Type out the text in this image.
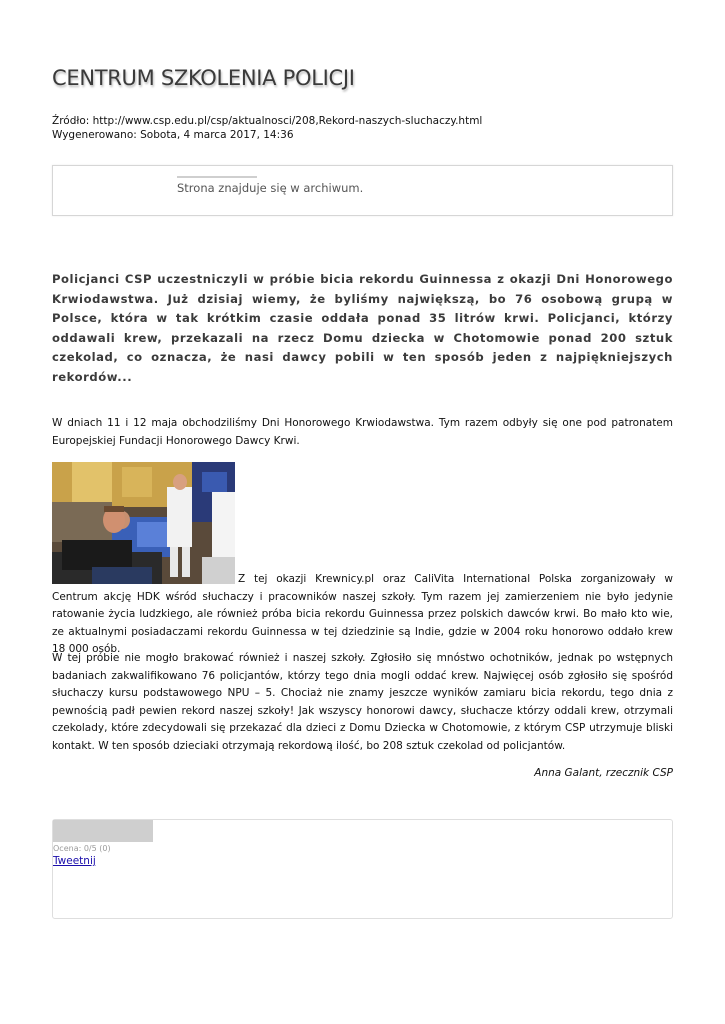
CENTRUM SZKOLENIA POLICJI
Źródło: http://www.csp.edu.pl/csp/aktualnosci/208,Rekord-naszych-sluchaczy.html
Wygenerowano: Sobota, 4 marca 2017, 14:36
Strona znajduje się w archiwum.
Policjanci CSP uczestniczyli w próbie bicia rekordu Guinnessa z okazji Dni Honorowego Krwiodawstwa. Już dzisiaj wiemy, że byliśmy największą, bo 76 osobową grupą w Polsce, która w tak krótkim czasie oddała ponad 35 litrów krwi. Policjanci, którzy oddawali krew, przekazali na rzecz Domu dziecka w Chotomowie ponad 200 sztuk czekolad, co oznacza, że nasi dawcy pobili w ten sposób jeden z najpiękniejszych rekordów...
W dniach 11 i 12 maja obchodziliśmy Dni Honorowego Krwiodawstwa. Tym razem odbyły się one pod patronatem Europejskiej Fundacji Honorowego Dawcy Krwi.
Z tej okazji Krewnicy.pl oraz CaliVita International Polska zorganizowały w Centrum akcję HDK wśród słuchaczy i pracowników naszej szkoły. Tym razem jej zamierzeniem nie było jedynie ratowanie życia ludzkiego, ale również próba bicia rekordu Guinnessa przez polskich dawców krwi. Bo mało kto wie, ze aktualnymi posiadaczami rekordu Guinnessa w tej dziedzinie są Indie, gdzie w 2004 roku honorowo oddało krew 18 000 osób.
W tej próbie nie mogło brakować również i naszej szkoły. Zgłosiło się mnóstwo ochotników, jednak po wstępnych badaniach zakwalifikowano 76 policjantów, którzy tego dnia mogli oddać krew. Najwięcej osób zgłosiło się spośród słuchaczy kursu podstawowego NPU – 5. Chociaż nie znamy jeszcze wyników zamiaru bicia rekordu, tego dnia z pewnością padł pewien rekord naszej szkoły! Jak wszyscy honorowi dawcy, słuchacze którzy oddali krew, otrzymali czekolady, które zdecydowali się przekazać dla dzieci z Domu Dziecka w Chotomowie, z którym CSP utrzymuje bliski kontakt. W ten sposób dzieciaki otrzymają rekordową ilość, bo 208 sztuk czekolad od policjantów.
Anna Galant, rzecznik CSP
Ocena: 0/5 (0)
Tweetnij
